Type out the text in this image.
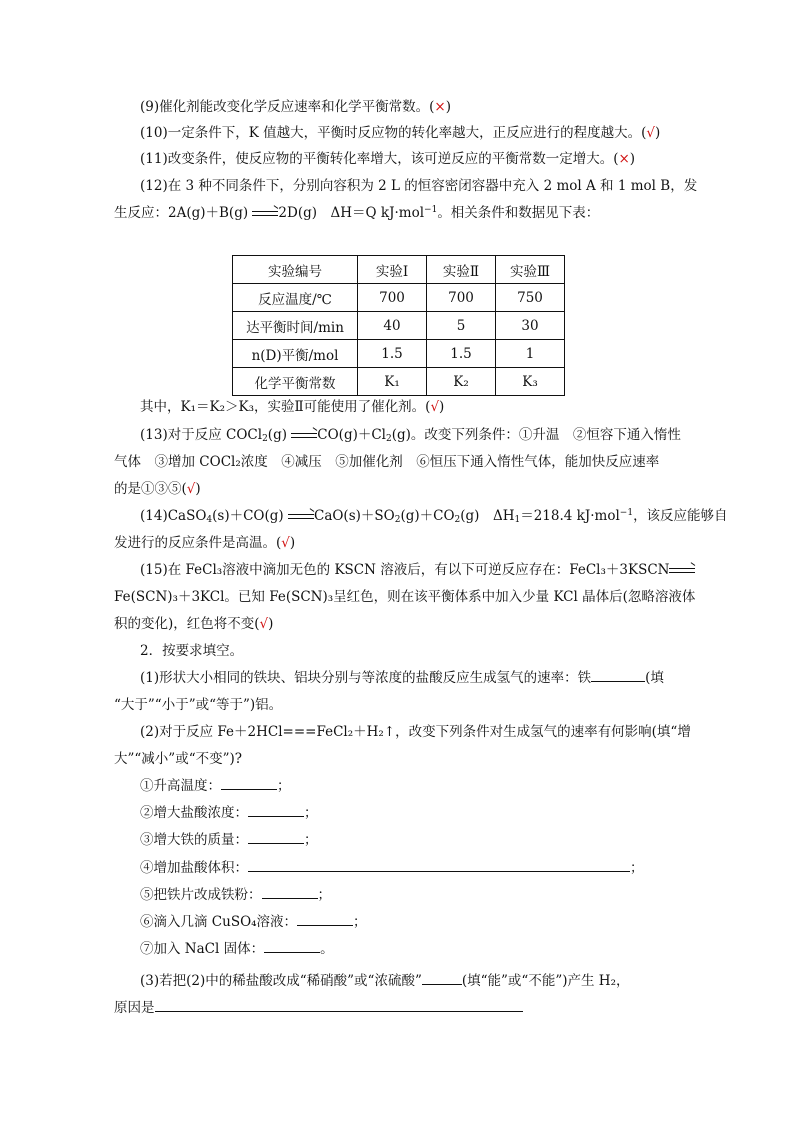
(9)催化剂能改变化学反应速率和化学平衡常数。(×)
(10)一定条件下，K 值越大，平衡时反应物的转化率越大，正反应进行的程度越大。(√)
(11)改变条件，使反应物的平衡转化率增大，该可逆反应的平衡常数一定增大。(×)
(12)在 3 种不同条件下，分别向容积为 2 L 的恒容密闭容器中充入 2 mol A 和 1 mol B，发
生反应：2A(g)＋B(g) →2D(g)　ΔH＝Q kJ·mol$^{-1}$。相关条件和数据见下表：
实验编号	实验Ⅰ	实验Ⅱ	实验Ⅲ
反应温度/℃	700	700	750
达平衡时间/min	40	5	30
n(D)平衡/mol	1.5	1.5	1
化学平衡常数	K₁	K₂	K₃
其中，K₁＝K₂＞K₃，实验Ⅱ可能使用了催化剂。(√)
(13)对于反应 COCl$_2$(g) $\to CO(g)+Cl_2(g)$。改变下列条件：①升温　②恒容下通入惰性
气体　③增加 COCl₂浓度　④减压　⑤加催化剂　⑥恒压下通入惰性气体，能加快反应速率
的是①③⑤(√)
(14)CaSO$_4$(s)＋CO(g) $\to CaO(s)+SO_2(g)+CO_2(g)$　$\Delta H_1=218.4$ kJ·mol$^{-1}$，该反应能够自
发进行的反应条件是高温。(√)
(15)在 FeCl₃溶液中滴加无色的 KSCN 溶液后，有以下可逆反应存在：FeCl₃＋3KSCN→
Fe(SCN)₃＋3KCl。已知 Fe(SCN)₃呈红色，则在该平衡体系中加入少量 KCl 晶体后(忽略溶液体
积的变化)，红色将不变(√)
2．按要求填空。
(1)形状大小相同的铁块、铝块分别与等浓度的盐酸反应生成氢气的速率：铁	(填
“大于”“小于”或“等于”)铝。
(2)对于反应 Fe＋2HCl===FeCl₂＋H₂↑，改变下列条件对生成氢气的速率有何影响(填“增
大”“减小”或“不变”)?
①升高温度：	；
②增大盐酸浓度：	；
③增大铁的质量：	；
④增加盐酸体积：	；
⑤把铁片改成铁粉：	；
⑥滴入几滴 CuSO₄溶液：	；
⑦加入 NaCl 固体：	。
(3)若把(2)中的稀盐酸改成“稀硝酸”或“浓硫酸”	(填“能”或“不能”)产生 H₂，
原因是
